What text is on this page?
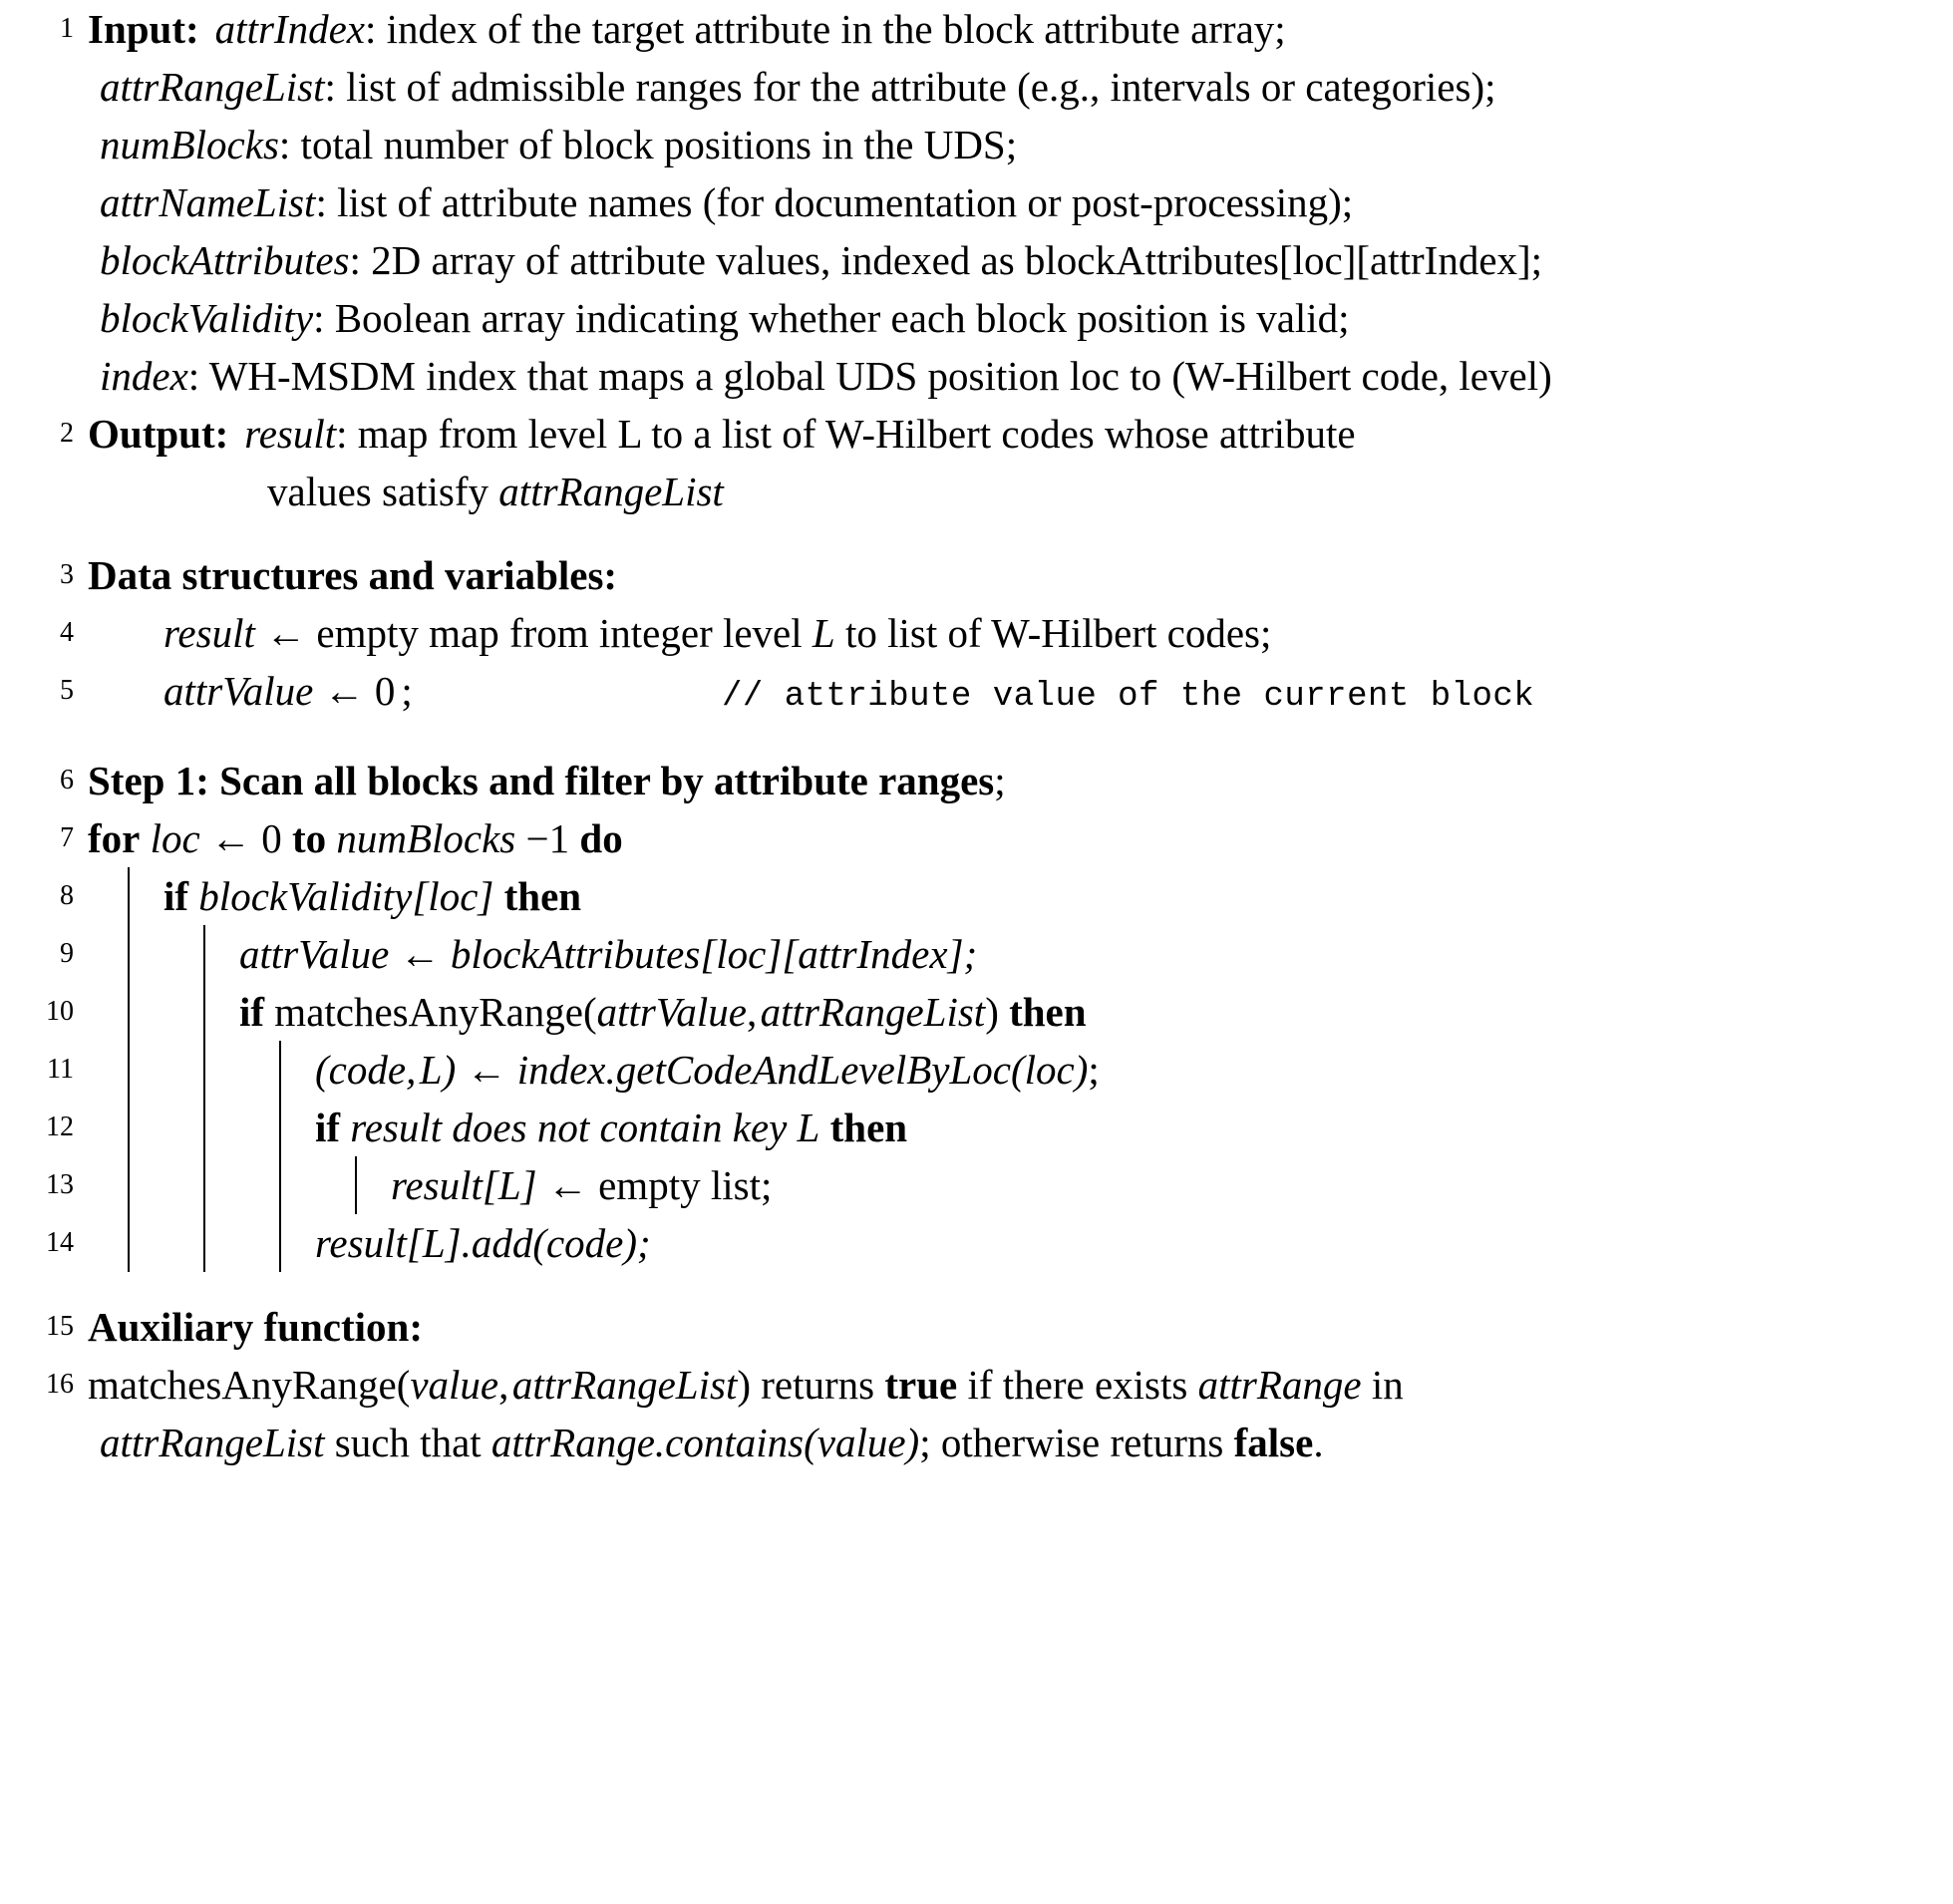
1 Input: attrIndex: index of the target attribute in the block attribute array;
attrRangeList: list of admissible ranges for the attribute (e.g., intervals or categories);
numBlocks: total number of block positions in the UDS;
attrNameList: list of attribute names (for documentation or post-processing);
blockAttributes: 2D array of attribute values, indexed as blockAttributes[loc][attrIndex];
blockValidity: Boolean array indicating whether each block position is valid;
index: WH-MSDM index that maps a global UDS position loc to (W-Hilbert code, level)
2 Output: result: map from level L to a list of W-Hilbert codes whose attribute
values satisfy attrRangeList
3 Data structures and variables:
4	result ← empty map from integer level L to list of W-Hilbert codes;
5	attrValue ← 0 ;	// attribute value of the current block
6 Step 1: Scan all blocks and filter by attribute ranges;
7 for loc ← 0 to numBlocks −1 do
8	if blockValidity[loc] then
9	attrValue ← blockAttributes[loc][attrIndex];
10	if matchesAnyRange(attrValue, attrRangeList) then
11	(code, L) ← index.getCodeAndLevelByLoc(loc);
12	if result does not contain key L then
13	result[L] ← empty list;
14	result[L].add(code);
15 Auxiliary function:
16 matchesAnyRange(value, attrRangeList) returns true if there exists attrRange in
attrRangeList such that attrRange.contains(value); otherwise returns false.
